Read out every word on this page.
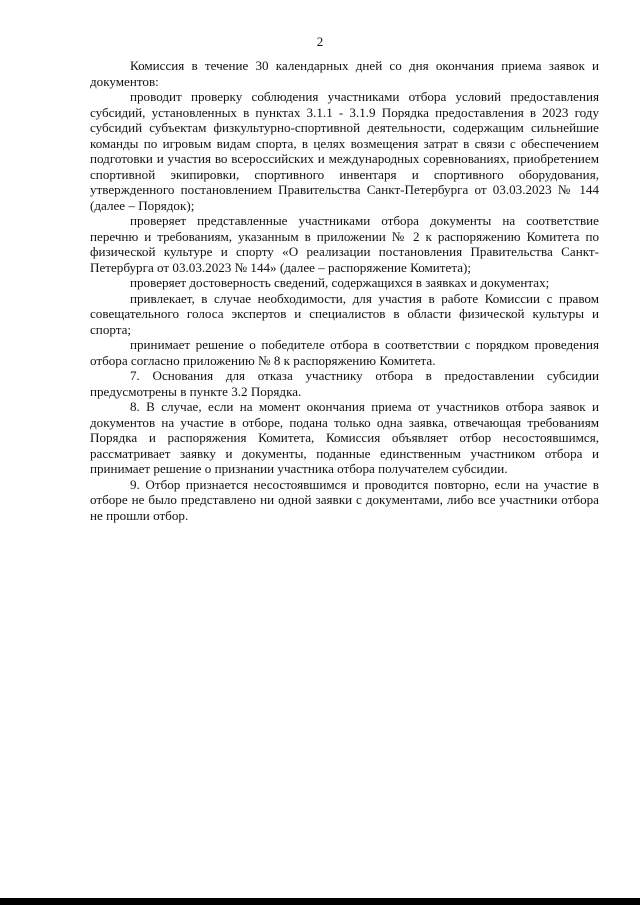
2

Комиссия в течение 30 календарных дней со дня окончания приема заявок и документов:

проводит проверку соблюдения участниками отбора условий предоставления субсидий, установленных в пунктах 3.1.1 - 3.1.9 Порядка предоставления в 2023 году субсидий субъектам физкультурно-спортивной деятельности, содержащим сильнейшие команды по игровым видам спорта, в целях возмещения затрат в связи с обеспечением подготовки и участия во всероссийских и международных соревнованиях, приобретением спортивной экипировки, спортивного инвентаря и спортивного оборудования, утвержденного постановлением Правительства Санкт-Петербурга от 03.03.2023 № 144 (далее – Порядок);

проверяет представленные участниками отбора документы на соответствие перечню и требованиям, указанным в приложении № 2 к распоряжению Комитета по физической культуре и спорту «О реализации постановления Правительства Санкт-Петербурга от 03.03.2023 № 144» (далее – распоряжение Комитета);

проверяет достоверность сведений, содержащихся в заявках и документах;

привлекает, в случае необходимости, для участия в работе Комиссии с правом совещательного голоса экспертов и специалистов в области физической культуры и спорта;

принимает решение о победителе отбора в соответствии с порядком проведения отбора согласно приложению № 8 к распоряжению Комитета.

7. Основания для отказа участнику отбора в предоставлении субсидии предусмотрены в пункте 3.2 Порядка.

8. В случае, если на момент окончания приема от участников отбора заявок и документов на участие в отборе, подана только одна заявка, отвечающая требованиям Порядка и распоряжения Комитета, Комиссия объявляет отбор несостоявшимся, рассматривает заявку и документы, поданные единственным участником отбора и принимает решение о признании участника отбора получателем субсидии.

9. Отбор признается несостоявшимся и проводится повторно, если на участие в отборе не было представлено ни одной заявки с документами, либо все участники отбора не прошли отбор.
